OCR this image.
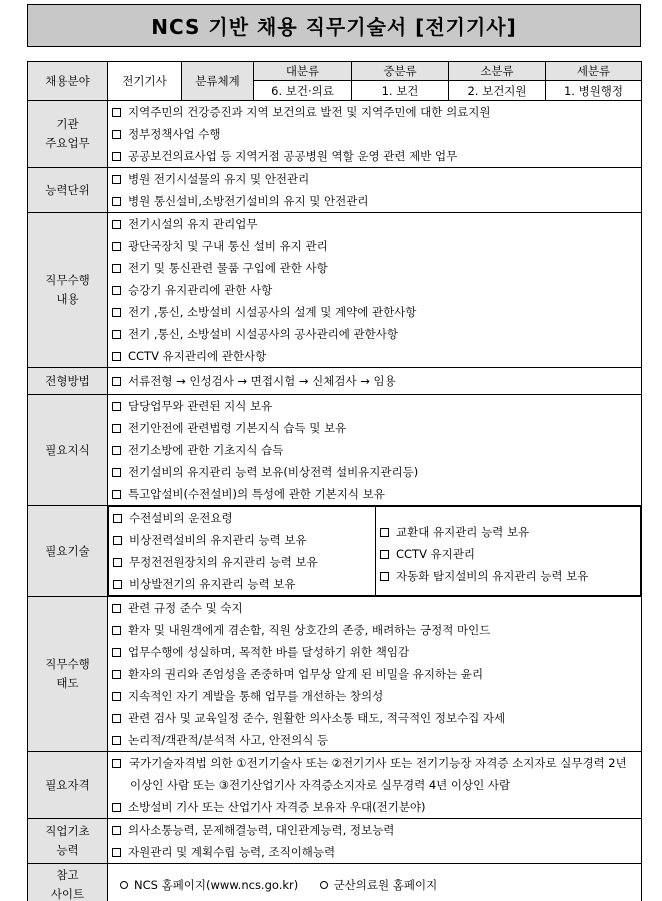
NCS 기반 채용 직무기술서 [전기기사]
채용분야	전기기사	분류체계	대분류	중분류	소분류	세분류
6. 보건·의료	1. 보건	2. 보건지원	1. 병원행정
기관
주요업무	
지역주민의 건강증진과 지역 보건의료 발전 및 지역주민에 대한 의료지원
정부정책사업 수행
공공보건의료사업 등 지역거점 공공병원 역할 운영 관련 제반 업무

능력단위	
병원 전기시설물의 유지 및 안전관리
병원 통신설비,소방전기설비의 유지 및 안전관리

직무수행
내용	
전기시설의 유지 관리업무
광단국장치 및 구내 통신 설비 유지 관리
전기 및 통신관련 물품 구입에 관한 사항
승강기 유지관리에 관한 사항
전기 ,통신, 소방설비 시설공사의 설계 및 계약에 관한사항
전기 ,통신, 소방설비 시설공사의 공사관리에 관한사항
CCTV 유지관리에 관한사항

전형방법	서류전형 → 인성검사 → 면접시험 → 신체검사 → 임용

필요지식	
담당업무와 관련된 지식 보유
전기안전에 관련법령 기본지식 습득 및 보유
전기소방에 관한 기초지식 습득
전기설비의 유지관리 능력 보유(비상전력 설비유지관리등)
특고압설비(수전설비)의 특성에 관한 기본지식 보유

필요기술	
수전설비의 운전요령
비상전력설비의 유지관리 능력 보유
무정전전원장치의 유지관리 능력 보유
비상발전기의 유지관리 능력 보유

교환대 유지관리 능력 보유
CCTV 유지관리
자동화 탐지설비의 유지관리 능력 보유

직무수행
태도	
관련 규정 준수 및 숙지
환자 및 내원객에게 겸손함, 직원 상호간의 존중, 배려하는 긍정적 마인드
업무수행에 성실하며, 목적한 바를 달성하기 위한 책임감
환자의 권리와 존엄성을 존중하며 업무상 알게 된 비밀을 유지하는 윤리
지속적인 자기 계발을 통해 업무를 개선하는 창의성
관련 검사 및 교육일정 준수, 원활한 의사소통 태도, 적극적인 정보수집 자세
논리적/객관적/분석적 사고, 안전의식 등

필요자격	
국가기술자격법 의한 ①전기기술사 또는 ②전기기사 또는 전기기능장 자격증 소지자로 실무경력 2년 이상인 사람 또는 ③전기산업기사 자격증소지자로 실무경력 4년 이상인 사람
소방설비 기사 또는 산업기사 자격증 보유자 우대(전기분야)

직업기초
능력	
의사소통능력, 문제해결능력, 대인관계능력, 정보능력
자원관리 및 계획수립 능력, 조직이해능력

참고
사이트	
NCS 홈페이지(www.ncs.go.kr)	군산의료원 홈페이지
